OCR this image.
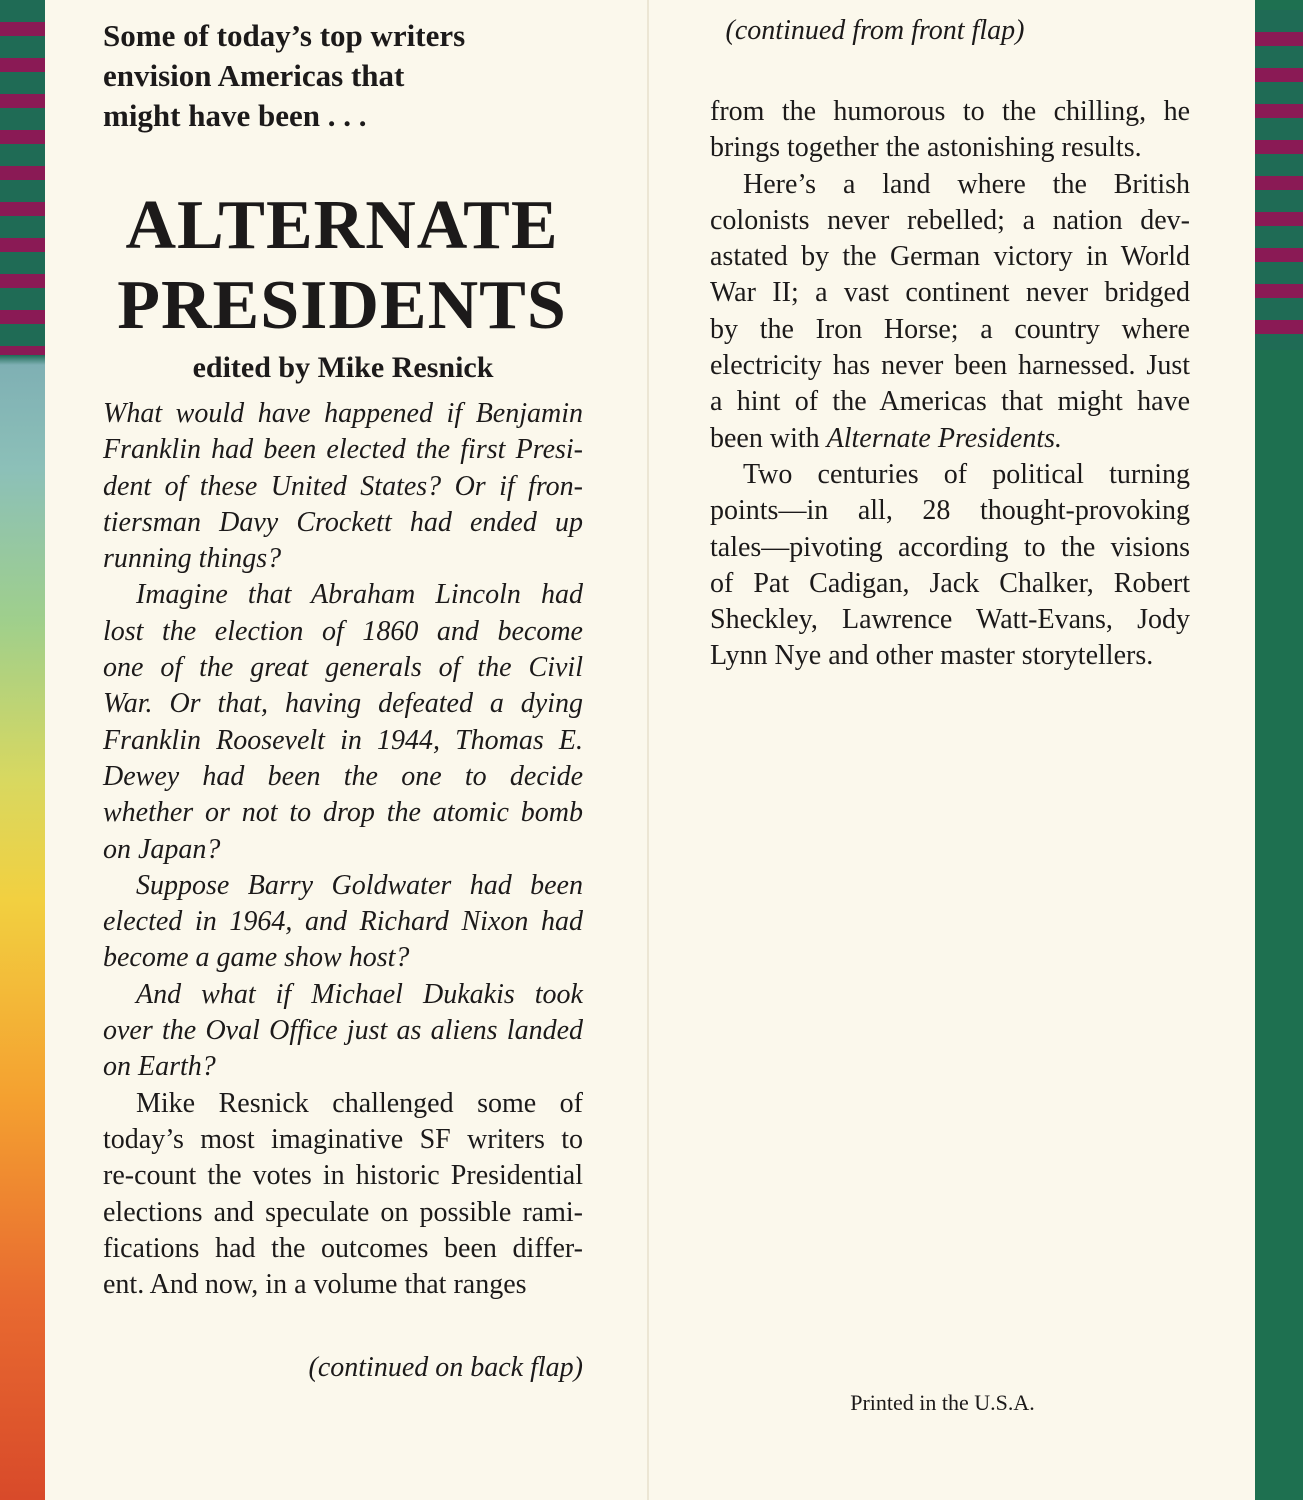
Some of today’s top writers
envision Americas that
might have been . . .
ALTERNATE
PRESIDENTS
edited by Mike Resnick
What would have happened if Benjamin
Franklin had been elected the first Presi-
dent of these United States? Or if fron-
tiersman Davy Crockett had ended up
running things?
Imagine that Abraham Lincoln had
lost the election of 1860 and become
one of the great generals of the Civil
War. Or that, having defeated a dying
Franklin Roosevelt in 1944, Thomas E.
Dewey had been the one to decide
whether or not to drop the atomic bomb
on Japan?
Suppose Barry Goldwater had been
elected in 1964, and Richard Nixon had
become a game show host?
And what if Michael Dukakis took
over the Oval Office just as aliens landed
on Earth?
Mike Resnick challenged some of
today’s most imaginative SF writers to
re-count the votes in historic Presidential
elections and speculate on possible rami-
fications had the outcomes been differ-
ent. And now, in a volume that ranges
(continued on back flap)
(continued from front flap)
from the humorous to the chilling, he
brings together the astonishing results.
Here’s a land where the British
colonists never rebelled; a nation dev-
astated by the German victory in World
War II; a vast continent never bridged
by the Iron Horse; a country where
electricity has never been harnessed. Just
a hint of the Americas that might have
been with Alternate Presidents.
Two centuries of political turning
points—in all, 28 thought-provoking
tales—pivoting according to the visions
of Pat Cadigan, Jack Chalker, Robert
Sheckley, Lawrence Watt-Evans, Jody
Lynn Nye and other master storytellers.
Printed in the U.S.A.
